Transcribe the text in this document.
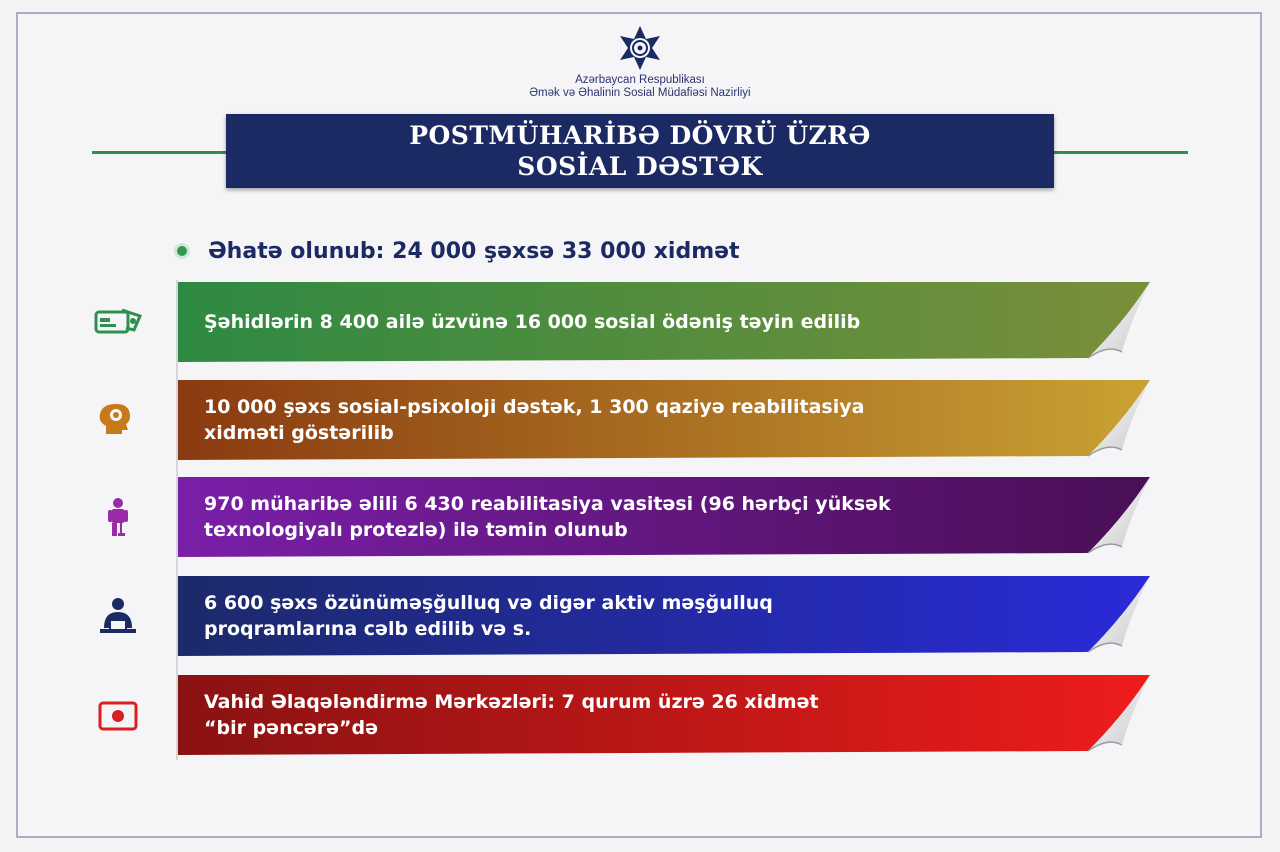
Azərbaycan Respublikası
Əmək və Əhalinin Sosial Müdafiəsi Nazirliyi
POSTMÜHARİBƏ DÖVRÜ ÜZRƏ
SOSİAL DƏSTƏK
Əhatə olunub: 24 000 şəxsə 33 000 xidmət
Şəhidlərin 8 400 ailə üzvünə 16 000 sosial ödəniş təyin edilib
10 000 şəxs sosial-psixoloji dəstək, 1 300 qaziyə reabilitasiya
xidməti göstərilib
970 müharibə əlili 6 430 reabilitasiya vasitəsi (96 hərbçi yüksək
texnologiyalı protezlə) ilə təmin olunub
6 600 şəxs özünüməşğulluq və digər aktiv məşğulluq
proqramlarına cəlb edilib və s.
Vahid Əlaqələndirmə Mərkəzləri: 7 qurum üzrə 26 xidmət
“bir pəncərə”də
